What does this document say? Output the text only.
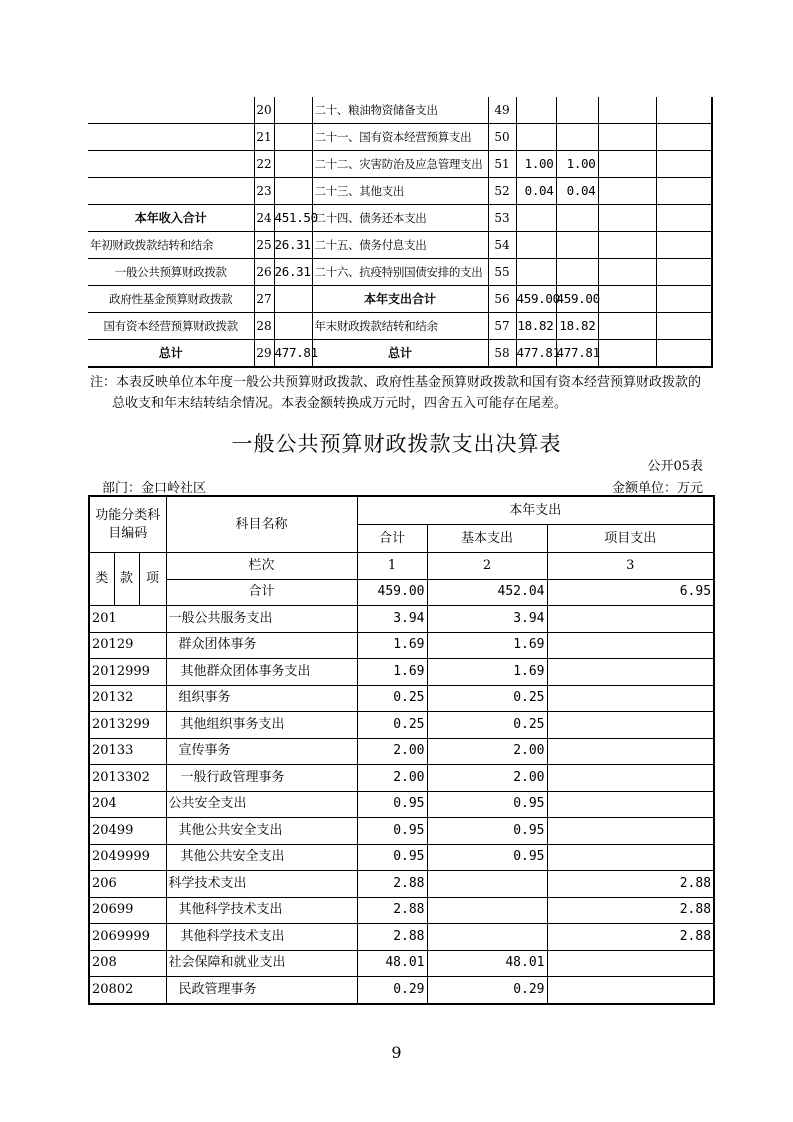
	20		二十、粮油物资储备支出	49				
	21		二十一、国有资本经营预算支出	50				
	22		二十二、灾害防治及应急管理支出	51	1.00	1.00		
	23		二十三、其他支出	52	0.04	0.04		
本年收入合计	24	451.50	二十四、债务还本支出	53				
年初财政拨款结转和结余	25	26.31	二十五、债务付息支出	54				
一般公共预算财政拨款	26	26.31	二十六、抗疫特别国债安排的支出	55				
政府性基金预算财政拨款	27		本年支出合计	56	459.00	459.00		
国有资本经营预算财政拨款	28		年末财政拨款结转和结余	57	18.82	18.82		
总计	29	477.81	总计	58	477.81	477.81		
注：本表反映单位本年度一般公共预算财政拨款、政府性基金预算财政拨款和国有资本经营预算财政拨款的总收支和年末结转结余情况。本表金额转换成万元时，四舍五入可能存在尾差。
一般公共预算财政拨款支出决算表
公开05表
部门：金口岭社区	金额单位：万元
功能分类科目编码			科目名称	本年支出		
				合计	基本支出	项目支出
类	款	项	栏次	1	2	3
			合计	459.00	452.04	6.95
201			一般公共服务支出	3.94	3.94	
20129			群众团体事务	1.69	1.69	
2012999			其他群众团体事务支出	1.69	1.69	
20132			组织事务	0.25	0.25	
2013299			其他组织事务支出	0.25	0.25	
20133			宣传事务	2.00	2.00	
2013302			一般行政管理事务	2.00	2.00	
204			公共安全支出	0.95	0.95	
20499			其他公共安全支出	0.95	0.95	
2049999			其他公共安全支出	0.95	0.95	
206			科学技术支出	2.88		2.88
20699			其他科学技术支出	2.88		2.88
2069999			其他科学技术支出	2.88		2.88
208			社会保障和就业支出	48.01	48.01	
20802			民政管理事务	0.29	0.29	
9
